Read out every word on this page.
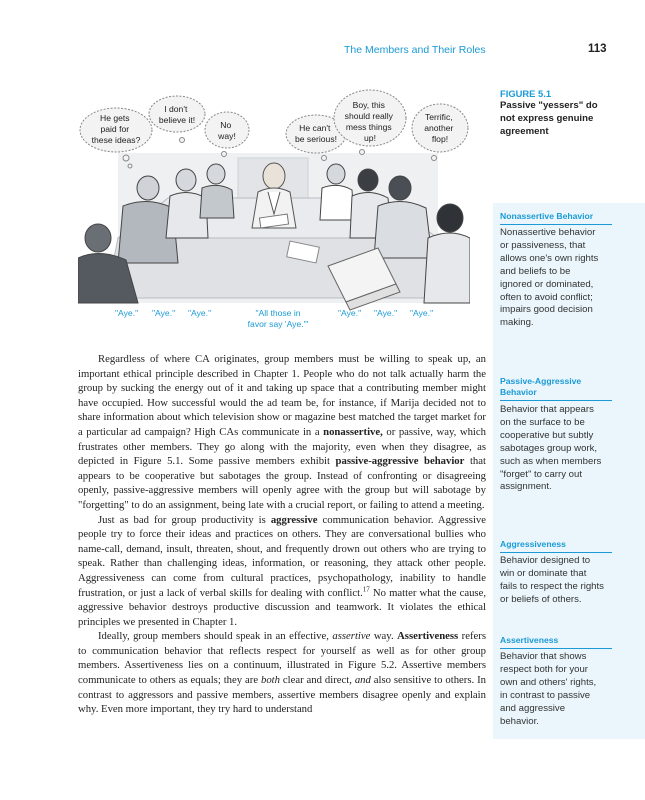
The Members and Their Roles	113
FIGURE 5.1
Passive "yessers" do not express genuine agreement
He gets paid for these ideas?
I don't believe it!	No way!
He can't be serious!
Boy, this should really mess things up!
Terrific, another flop!
"Aye." "Aye." "Aye."	"All those in
favor say 'Aye.'"
"Aye." "Aye." "Aye."
Nonassertive Behavior
Nonassertive behavior or passiveness, that allows one's own rights and beliefs to be ignored or dominated, often to avoid conflict; impairs good decision making.
Passive-Aggressive Behavior
Behavior that appears on the surface to be cooperative but subtly sabotages group work, such as when members "forget" to carry out assignment.
Aggressiveness
Behavior designed to win or dominate that fails to respect the rights or beliefs of others.
Assertiveness
Behavior that shows respect both for your own and others' rights, in contrast to passive and aggressive behavior.

Regardless of where CA originates, group members must be willing to speak up, an important ethical principle described in Chapter 1. People who do not talk actually harm the group by sucking the energy out of it and taking up space that a contributing member might have occupied. How successful would the ad team be, for instance, if Marija decided not to share information about which television show or magazine best matched the target market for a particular ad campaign? High CAs communicate in a nonassertive, or passive, way, which frustrates other members. They go along with the majority, even when they disagree, as depicted in Figure 5.1. Some passive members exhibit passive-aggressive behavior that appears to be cooperative but sabotages the group. Instead of confronting or disagreeing openly, passive-aggressive members will openly agree with the group but will sabotage by "forgetting" to do an assignment, being late with a crucial report, or failing to attend a meeting.

Just as bad for group productivity is aggressive communication behavior. Aggressive people try to force their ideas and practices on others. They are conversational bullies who name-call, demand, insult, threaten, shout, and frequently drown out others who are trying to speak. Rather than challenging ideas, information, or reasoning, they attack other people. Aggressiveness can come from cultural practices, psychopathology, inability to handle frustration, or just a lack of verbal skills for dealing with conflict.$^{17}$ No matter what the cause, aggressive behavior destroys productive discussion and teamwork. It violates the ethical principles we presented in Chapter 1.

Ideally, group members should speak in an effective, assertive way. Assertiveness refers to communication behavior that reflects respect for yourself as well as for other group members. Assertiveness lies on a continuum, illustrated in Figure 5.2. Assertive members communicate to others as equals; they are both clear and direct, and also sensitive to others. In contrast to aggressors and passive members, assertive members disagree openly and explain why. Even more important, they try hard to understand
